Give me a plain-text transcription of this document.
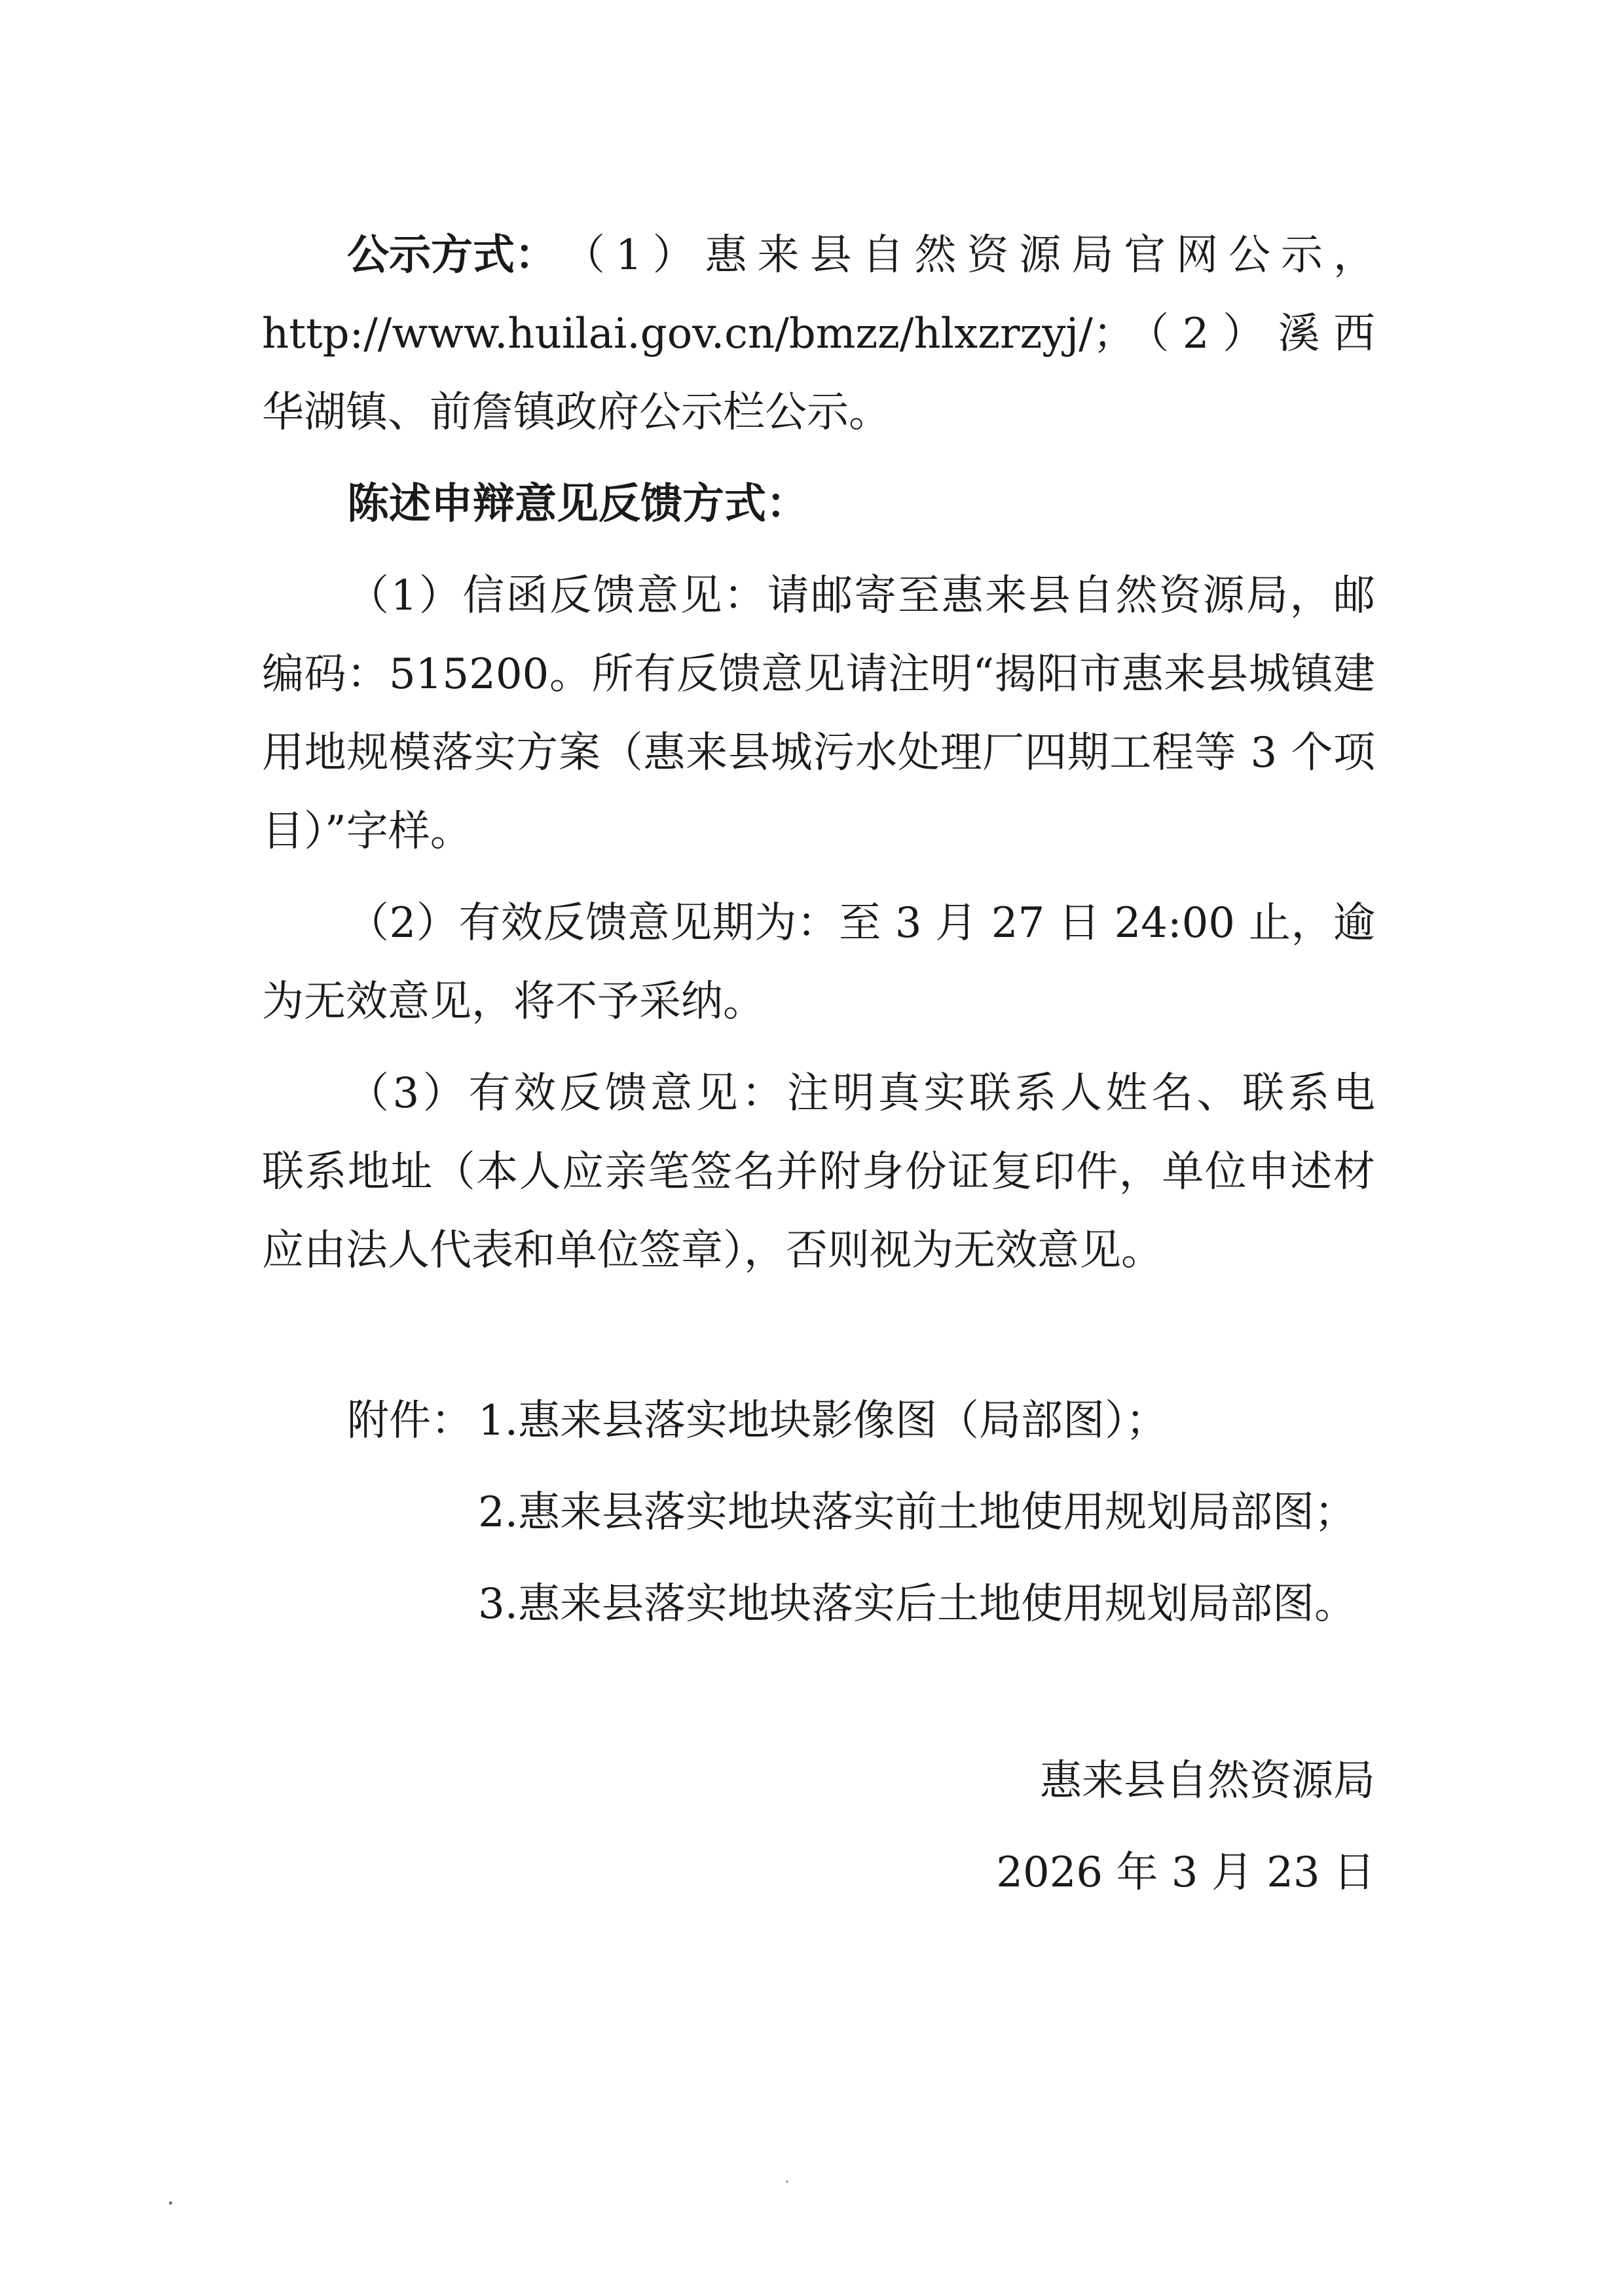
公示方式： （1）惠来县自然资源局官网公示，
http://www.huilai.gov.cn/bmzz/hlxzrzyj/；（2）溪西
华湖镇、前詹镇政府公示栏公示。
陈述申辩意见反馈方式：
（1）信函反馈意见：请邮寄至惠来县自然资源局，邮
编码：515200。所有反馈意见请注明“揭阳市惠来县城镇建
用地规模落实方案（惠来县城污水处理厂四期工程等 3 个项
目）”字样。
（2）有效反馈意见期为：至 3 月 27 日 24:00 止，逾
为无效意见，将不予采纳。
（3）有效反馈意见：注明真实联系人姓名、联系电
联系地址（本人应亲笔签名并附身份证复印件，单位申述材
应由法人代表和单位签章），否则视为无效意见。
附件： 1.惠来县落实地块影像图（局部图）；
2.惠来县落实地块落实前土地使用规划局部图；
3.惠来县落实地块落实后土地使用规划局部图。
惠来县自然资源局
2026 年 3 月 23 日
